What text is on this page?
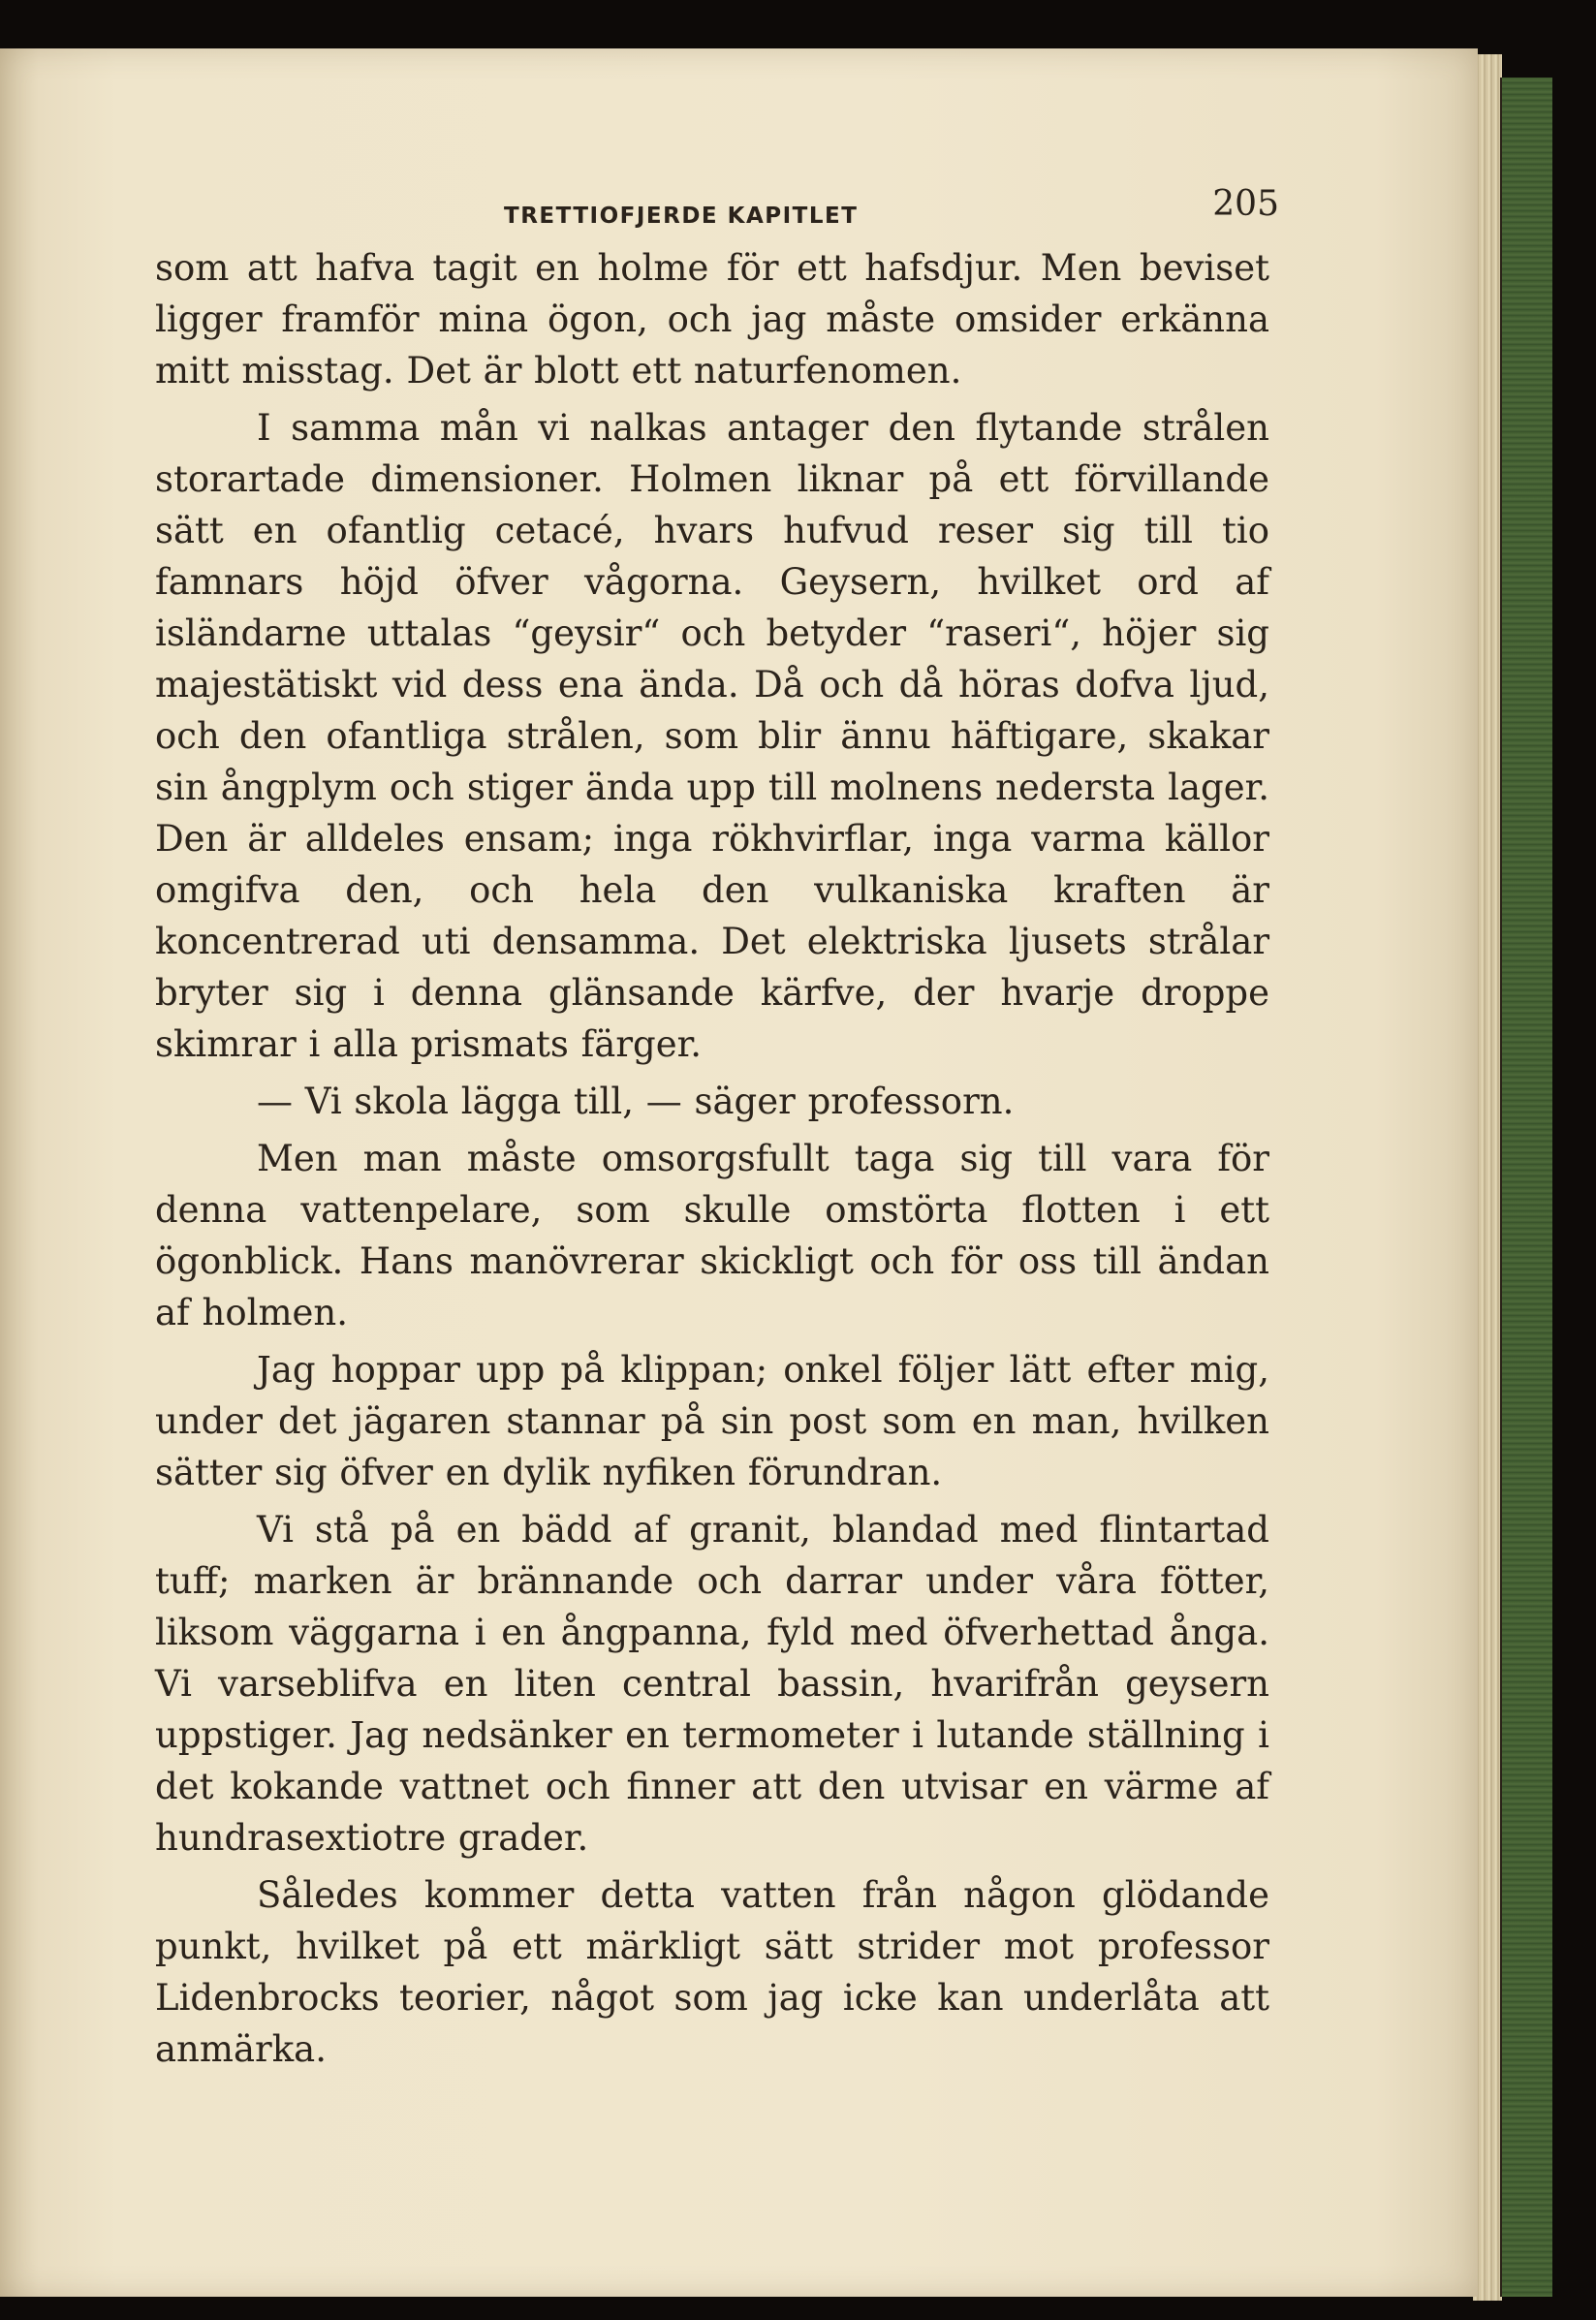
TRETTIOFJERDE KAPITLET	205

som att hafva tagit en holme för ett hafsdjur. Men beviset ligger framför mina ögon, och jag måste omsider erkänna mitt misstag. Det är blott ett naturfenomen.

I samma mån vi nalkas antager den flytande strålen storartade dimensioner. Holmen liknar på ett förvillande sätt en ofantlig cetacé, hvars hufvud reser sig till tio famnars höjd öfver vågorna. Geysern, hvilket ord af isländarne uttalas “geysir“ och betyder “raseri“, höjer sig majestätiskt vid dess ena ända. Då och då höras dofva ljud, och den ofantliga strålen, som blir ännu häftigare, skakar sin ångplym och stiger ända upp till molnens nedersta lager. Den är alldeles ensam; inga rökhvirflar, inga varma källor omgifva den, och hela den vulkaniska kraften är koncentrerad uti densamma. Det elektriska ljusets strålar bryter sig i denna glänsande kärfve, der hvarje droppe skimrar i alla prismats färger.

— Vi skola lägga till, — säger professorn.

Men man måste omsorgsfullt taga sig till vara för denna vattenpelare, som skulle omstörta flotten i ett ögonblick. Hans manövrerar skickligt och för oss till ändan af holmen.

Jag hoppar upp på klippan; onkel följer lätt efter mig, under det jägaren stannar på sin post som en man, hvilken sätter sig öfver en dylik nyfiken förundran.

Vi stå på en bädd af granit, blandad med flintartad tuff; marken är brännande och darrar under våra fötter, liksom väggarna i en ångpanna, fyld med öfverhettad ånga. Vi varseblifva en liten central bassin, hvarifrån geysern uppstiger. Jag nedsänker en termometer i lutande ställning i det kokande vattnet och finner att den utvisar en värme af hundrasextiotre grader.

Således kommer detta vatten från någon glödande punkt, hvilket på ett märkligt sätt strider mot professor Lidenbrocks teorier, något som jag icke kan underlåta att anmärka.
